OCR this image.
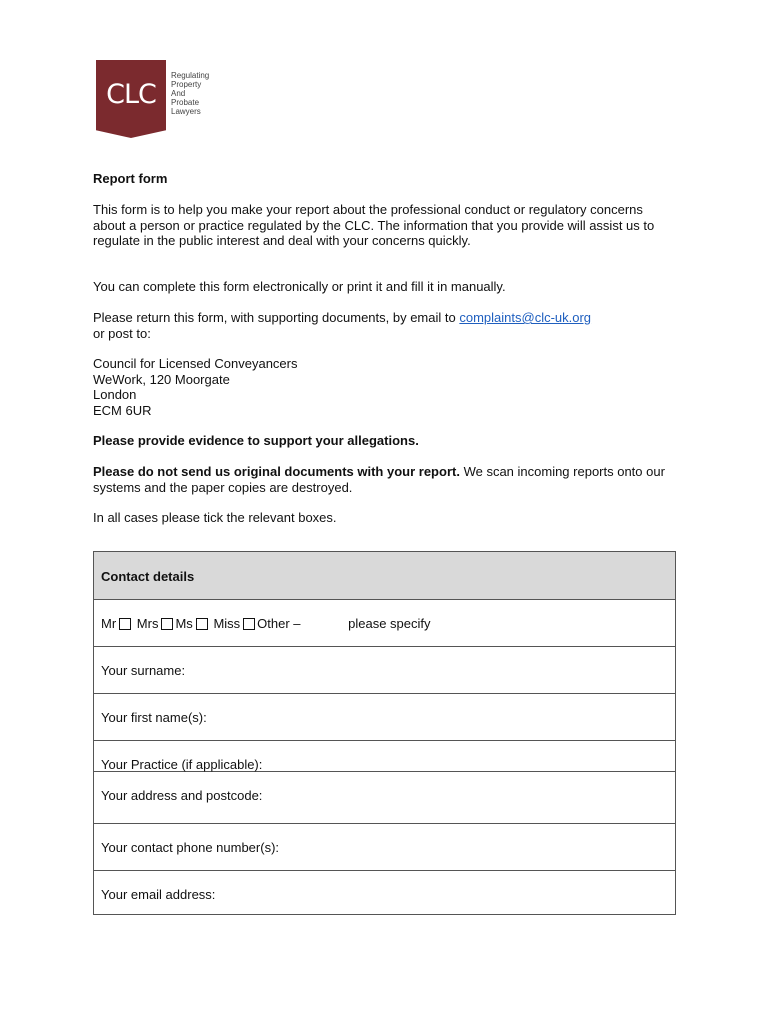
CLC
Regulating
Property
And
Probate
Lawyers

Report form

This form is to help you make your report about the professional conduct or regulatory concerns about a person or practice regulated by the CLC. The information that you provide will assist us to regulate in the public interest and deal with your concerns quickly.

You can complete this form electronically or print it and fill it in manually.

Please return this form, with supporting documents, by email to complaints@clc-uk.org
or post to:

Council for Licensed Conveyancers
WeWork, 120 Moorgate
London
ECM 6UR

Please provide evidence to support your allegations.

Please do not send us original documents with your report. We scan incoming reports onto our systems and the paper copies are destroyed.

In all cases please tick the relevant boxes.

Contact details
Mr Mrs Ms Miss Other –	please specify
Your surname:
Your first name(s):
Your Practice (if applicable):
Your address and postcode:
Your contact phone number(s):
Your email address:
